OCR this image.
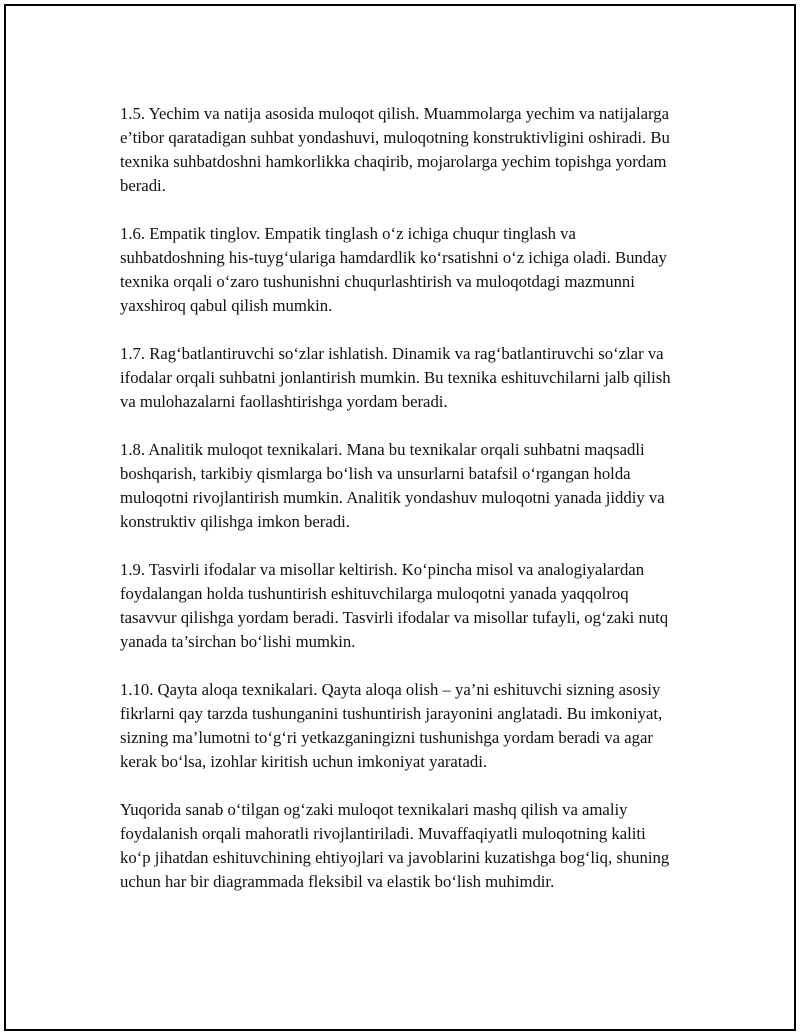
1.5. Yechim va natija asosida muloqot qilish. Muammolarga yechim va natijalarga e’tibor qaratadigan suhbat yondashuvi, muloqotning konstruktivligini oshiradi. Bu texnika suhbatdoshni hamkorlikka chaqirib, mojarolarga yechim topishga yordam beradi.

1.6. Empatik tinglov. Empatik tinglash o‘z ichiga chuqur tinglash va suhbatdoshning his-tuyg‘ulariga hamdardlik ko‘rsatishni o‘z ichiga oladi. Bunday texnika orqali o‘zaro tushunishni chuqurlashtirish va muloqotdagi mazmunni yaxshiroq qabul qilish mumkin.

1.7. Rag‘batlantiruvchi so‘zlar ishlatish. Dinamik va rag‘batlantiruvchi so‘zlar va ifodalar orqali suhbatni jonlantirish mumkin. Bu texnika eshituvchilarni jalb qilish va mulohazalarni faollashtirishga yordam beradi.

1.8. Analitik muloqot texnikalari. Mana bu texnikalar orqali suhbatni maqsadli boshqarish, tarkibiy qismlarga bo‘lish va unsurlarni batafsil o‘rgangan holda muloqotni rivojlantirish mumkin. Analitik yondashuv muloqotni yanada jiddiy va konstruktiv qilishga imkon beradi.

1.9. Tasvirli ifodalar va misollar keltirish. Ko‘pincha misol va analogiyalardan foydalangan holda tushuntirish eshituvchilarga muloqotni yanada yaqqolroq tasavvur qilishga yordam beradi. Tasvirli ifodalar va misollar tufayli, og‘zaki nutq yanada ta’sirchan bo‘lishi mumkin.

1.10. Qayta aloqa texnikalari. Qayta aloqa olish – ya’ni eshituvchi sizning asosiy fikrlarni qay tarzda tushunganini tushuntirish jarayonini anglatadi. Bu imkoniyat, sizning ma’lumotni to‘g‘ri yetkazganingizni tushunishga yordam beradi va agar kerak bo‘lsa, izohlar kiritish uchun imkoniyat yaratadi.

Yuqorida sanab o‘tilgan og‘zaki muloqot texnikalari mashq qilish va amaliy foydalanish orqali mahoratli rivojlantiriladi. Muvaffaqiyatli muloqotning kaliti ko‘p jihatdan eshituvchining ehtiyojlari va javoblarini kuzatishga bog‘liq, shuning uchun har bir diagrammada fleksibil va elastik bo‘lish muhimdir.
